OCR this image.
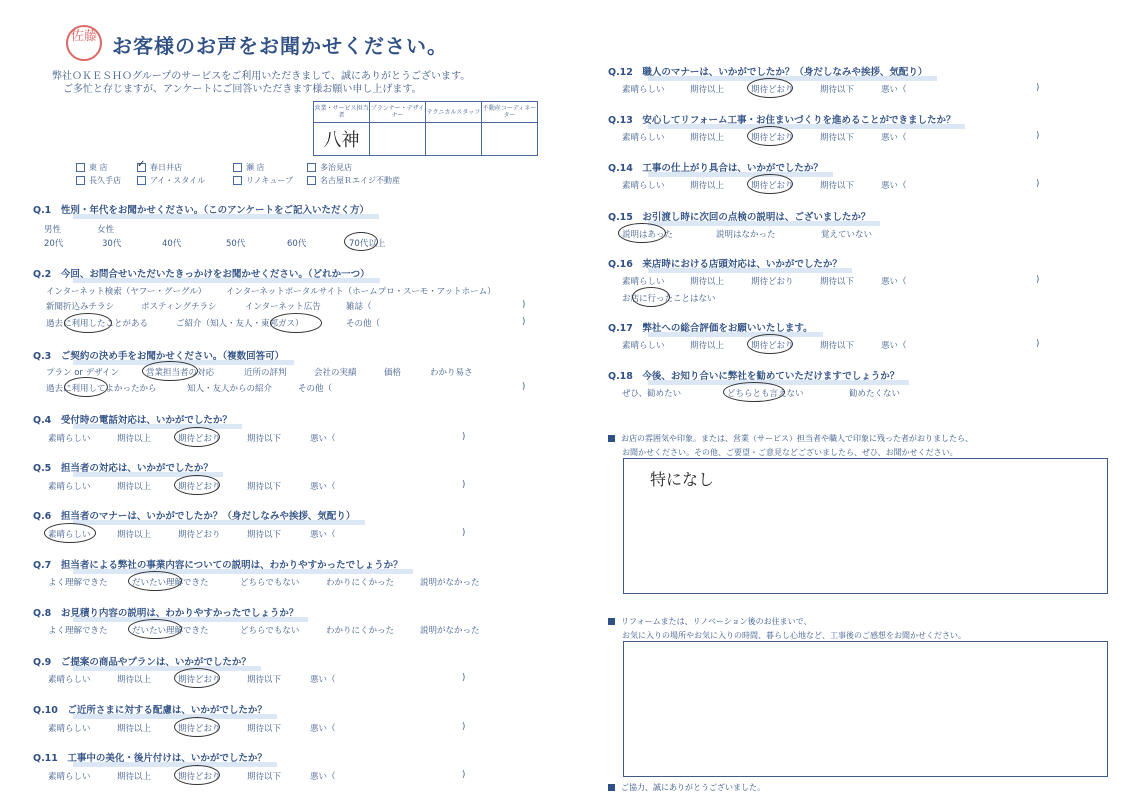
佐藤 お客様のお声をお聞かせください。
弊社ＯＫＥＳＨＯグループのサービスをご利用いただきまして、誠にありがとうございます。
ご多忙と存じますが、アンケートにご回答いただきます様お願い申し上げます。
営業・サービス担当者	プランナー・デザイナー	テクニカルスタッフ	不動産コーディネーター
八神			
東 店 ✓	春日井店	瀬 店	多治見店
長久手店	アイ・スタイル	リノキューブ	名古屋Ｒエイジ不動産
Q.1　 性別・年代をお聞かせください。（このアンケートをご記入いただく方）
男性	女性
20代	30代	40代	50代	60代	70代以上
Q.2　 今回、お問合せいただいたきっかけをお聞かせください。（どれか一つ）
インターネット検索（ヤフー・グーグル） インターネットポータルサイト（ホームプロ・スーモ・アットホーム）
新聞折込みチラシ	ポスティングチラシ	インターネット広告	雑誌（	)
過去に利用したことがある	ご紹介（知人・友人・東邦ガス）	その他（	)
Q.3　 ご契約の決め手をお聞かせください。（複数回答可）
プラン or デザイン	営業担当者の対応	近所の評判	会社の実績	価格	わかり易さ
過去に利用してよかったから	知人・友人からの紹介	その他（	)
Q.4　 受付時の電話対応は、いかがでしたか？
素晴らしい	期待以上	期待どおり	期待以下	悪い（	)
Q.5　 担当者の対応は、いかがでしたか？
素晴らしい	期待以上	期待どおり	期待以下	悪い（	)
Q.6　 担当者のマナーは、いかがでしたか？（身だしなみや挨拶、気配り）
素晴らしい	期待以上	期待どおり	期待以下	悪い（	)
Q.7　 担当者による弊社の事業内容についての説明は、わかりやすかったでしょうか？
よく理解できた	だいたい理解できた	どちらでもない	わかりにくかった	説明がなかった
Q.8　 お見積り内容の説明は、わかりやすかったでしょうか？
よく理解できた	だいたい理解できた	どちらでもない	わかりにくかった	説明がなかった
Q.9　 ご提案の商品やプランは、いかがでしたか？
素晴らしい	期待以上	期待どおり	期待以下	悪い（	)
Q.10　 ご近所さまに対する配慮は、いかがでしたか？
素晴らしい	期待以上	期待どおり	期待以下	悪い（	)
Q.11　 工事中の美化・後片付けは、いかがでしたか？
素晴らしい	期待以上	期待どおり	期待以下	悪い（	)
Q.12　 職人のマナーは、いかがでしたか？（身だしなみや挨拶、気配り）
素晴らしい	期待以上	期待どおり	期待以下	悪い（	)
Q.13　 安心してリフォーム工事・お住まいづくりを進めることができましたか？
素晴らしい	期待以上	期待どおり	期待以下	悪い（	)
Q.14　 工事の仕上がり具合は、いかがでしたか？
素晴らしい	期待以上	期待どおり	期待以下	悪い（	)
Q.15　 お引渡し時に次回の点検の説明は、ございましたか？
説明はあった	説明はなかった	覚えていない
Q.16　 来店時における店頭対応は、いかがでしたか？
素晴らしい	期待以上	期待どおり	期待以下	悪い（	)
お店に行ったことはない
Q.17　 弊社への総合評価をお願いいたします。
素晴らしい	期待以上	期待どおり	期待以下	悪い（	)
Q.18　 今後、お知り合いに弊社を勧めていただけますでしょうか？
ぜひ、勧めたい	どちらとも言えない	勧めたくない
お店の雰囲気や印象。または、営業（サービス）担当者や職人で印象に残った者がおりましたら、
お聞かせください。その他、ご要望・ご意見などございましたら、ぜひ、お聞かせください。
特になし
リフォームまたは、リノベーション後のお住まいで、
お気に入りの場所やお気に入りの時間、暮らし心地など、工事後のご感想をお聞かせください。
ご協力、誠にありがとうございました。
